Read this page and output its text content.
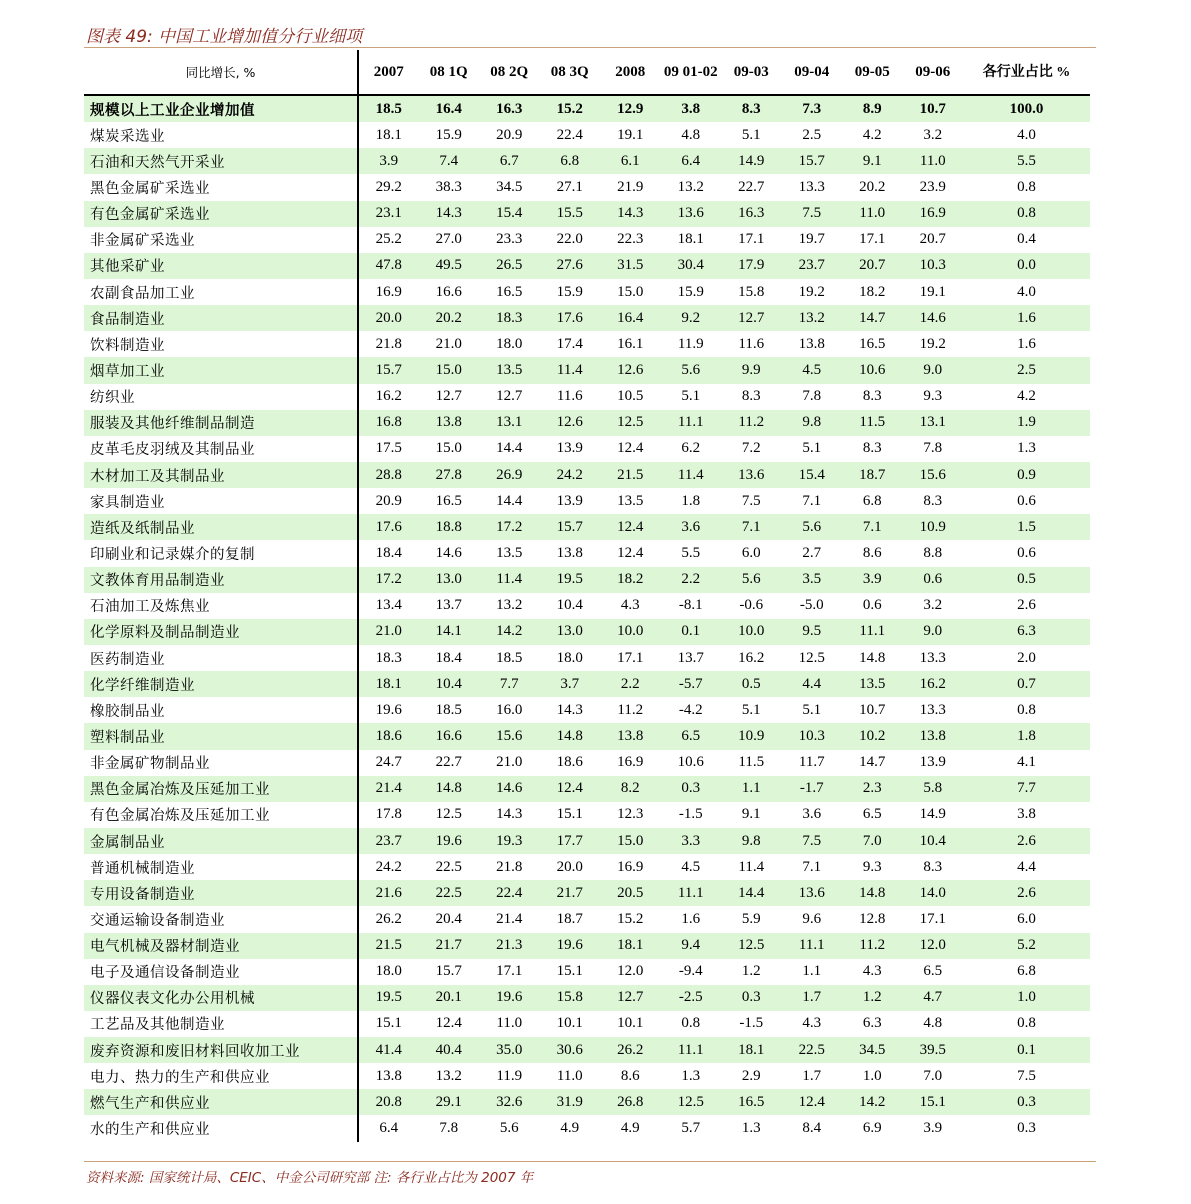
图表 49: 中国工业增加值分行业细项
同比增长, %	2007	08 1Q	08 2Q	08 3Q	2008	09 01-02	09-03	09-04	09-05	09-06	各行业占比 %
规模以上工业企业增加值	18.5	16.4	16.3	15.2	12.9	3.8	8.3	7.3	8.9	10.7	100.0
煤炭采选业	18.1	15.9	20.9	22.4	19.1	4.8	5.1	2.5	4.2	3.2	4.0
石油和天然气开采业	3.9	7.4	6.7	6.8	6.1	6.4	14.9	15.7	9.1	11.0	5.5
黑色金属矿采选业	29.2	38.3	34.5	27.1	21.9	13.2	22.7	13.3	20.2	23.9	0.8
有色金属矿采选业	23.1	14.3	15.4	15.5	14.3	13.6	16.3	7.5	11.0	16.9	0.8
非金属矿采选业	25.2	27.0	23.3	22.0	22.3	18.1	17.1	19.7	17.1	20.7	0.4
其他采矿业	47.8	49.5	26.5	27.6	31.5	30.4	17.9	23.7	20.7	10.3	0.0
农副食品加工业	16.9	16.6	16.5	15.9	15.0	15.9	15.8	19.2	18.2	19.1	4.0
食品制造业	20.0	20.2	18.3	17.6	16.4	9.2	12.7	13.2	14.7	14.6	1.6
饮料制造业	21.8	21.0	18.0	17.4	16.1	11.9	11.6	13.8	16.5	19.2	1.6
烟草加工业	15.7	15.0	13.5	11.4	12.6	5.6	9.9	4.5	10.6	9.0	2.5
纺织业	16.2	12.7	12.7	11.6	10.5	5.1	8.3	7.8	8.3	9.3	4.2
服装及其他纤维制品制造	16.8	13.8	13.1	12.6	12.5	11.1	11.2	9.8	11.5	13.1	1.9
皮革毛皮羽绒及其制品业	17.5	15.0	14.4	13.9	12.4	6.2	7.2	5.1	8.3	7.8	1.3
木材加工及其制品业	28.8	27.8	26.9	24.2	21.5	11.4	13.6	15.4	18.7	15.6	0.9
家具制造业	20.9	16.5	14.4	13.9	13.5	1.8	7.5	7.1	6.8	8.3	0.6
造纸及纸制品业	17.6	18.8	17.2	15.7	12.4	3.6	7.1	5.6	7.1	10.9	1.5
印刷业和记录媒介的复制	18.4	14.6	13.5	13.8	12.4	5.5	6.0	2.7	8.6	8.8	0.6
文教体育用品制造业	17.2	13.0	11.4	19.5	18.2	2.2	5.6	3.5	3.9	0.6	0.5
石油加工及炼焦业	13.4	13.7	13.2	10.4	4.3	-8.1	-0.6	-5.0	0.6	3.2	2.6
化学原料及制品制造业	21.0	14.1	14.2	13.0	10.0	0.1	10.0	9.5	11.1	9.0	6.3
医药制造业	18.3	18.4	18.5	18.0	17.1	13.7	16.2	12.5	14.8	13.3	2.0
化学纤维制造业	18.1	10.4	7.7	3.7	2.2	-5.7	0.5	4.4	13.5	16.2	0.7
橡胶制品业	19.6	18.5	16.0	14.3	11.2	-4.2	5.1	5.1	10.7	13.3	0.8
塑料制品业	18.6	16.6	15.6	14.8	13.8	6.5	10.9	10.3	10.2	13.8	1.8
非金属矿物制品业	24.7	22.7	21.0	18.6	16.9	10.6	11.5	11.7	14.7	13.9	4.1
黑色金属冶炼及压延加工业	21.4	14.8	14.6	12.4	8.2	0.3	1.1	-1.7	2.3	5.8	7.7
有色金属冶炼及压延加工业	17.8	12.5	14.3	15.1	12.3	-1.5	9.1	3.6	6.5	14.9	3.8
金属制品业	23.7	19.6	19.3	17.7	15.0	3.3	9.8	7.5	7.0	10.4	2.6
普通机械制造业	24.2	22.5	21.8	20.0	16.9	4.5	11.4	7.1	9.3	8.3	4.4
专用设备制造业	21.6	22.5	22.4	21.7	20.5	11.1	14.4	13.6	14.8	14.0	2.6
交通运输设备制造业	26.2	20.4	21.4	18.7	15.2	1.6	5.9	9.6	12.8	17.1	6.0
电气机械及器材制造业	21.5	21.7	21.3	19.6	18.1	9.4	12.5	11.1	11.2	12.0	5.2
电子及通信设备制造业	18.0	15.7	17.1	15.1	12.0	-9.4	1.2	1.1	4.3	6.5	6.8
仪器仪表文化办公用机械	19.5	20.1	19.6	15.8	12.7	-2.5	0.3	1.7	1.2	4.7	1.0
工艺品及其他制造业	15.1	12.4	11.0	10.1	10.1	0.8	-1.5	4.3	6.3	4.8	0.8
废弃资源和废旧材料回收加工业	41.4	40.4	35.0	30.6	26.2	11.1	18.1	22.5	34.5	39.5	0.1
电力、热力的生产和供应业	13.8	13.2	11.9	11.0	8.6	1.3	2.9	1.7	1.0	7.0	7.5
燃气生产和供应业	20.8	29.1	32.6	31.9	26.8	12.5	16.5	12.4	14.2	15.1	0.3
水的生产和供应业	6.4	7.8	5.6	4.9	4.9	5.7	1.3	8.4	6.9	3.9	0.3
资料来源: 国家统计局、CEIC、中金公司研究部 注: 各行业占比为 2007 年
